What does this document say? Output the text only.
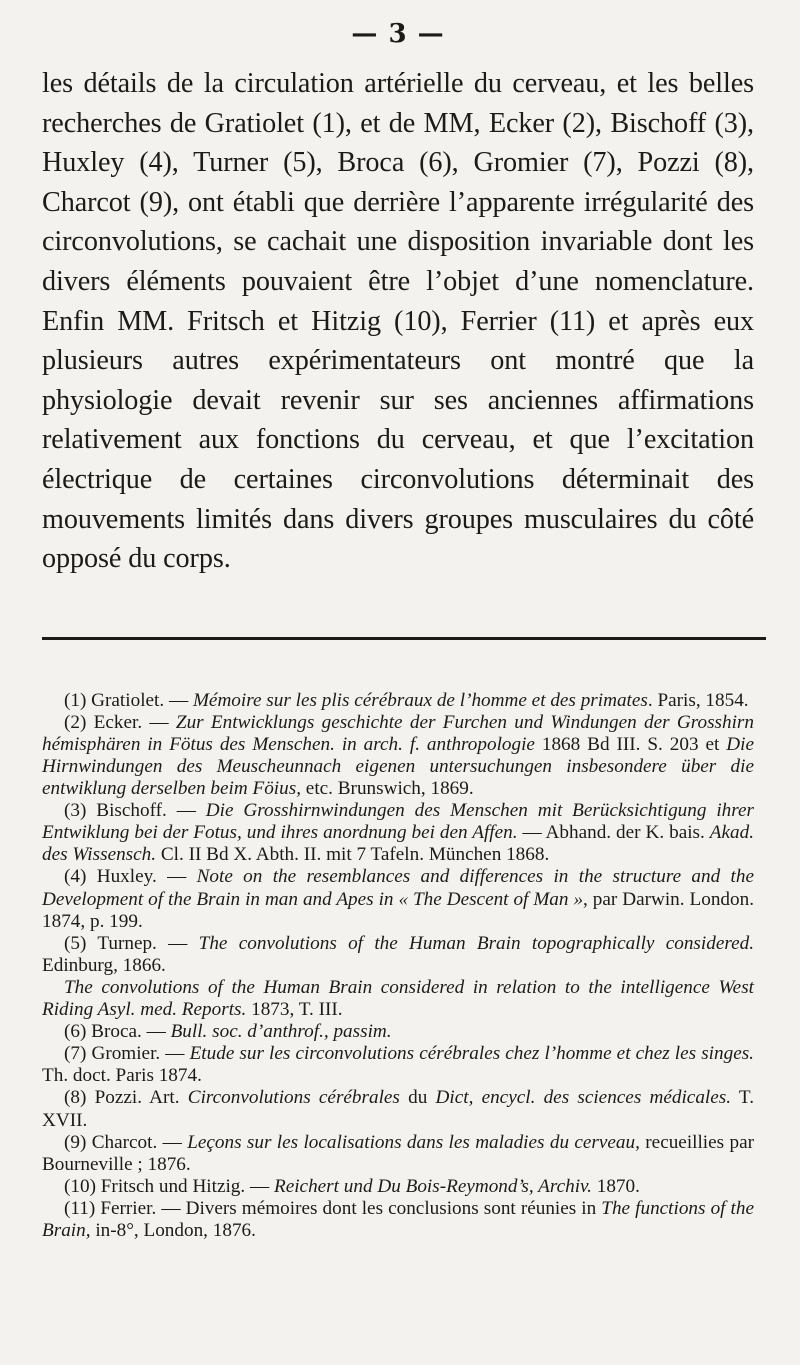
— 3 —

les détails de la circulation artérielle du cerveau, et les belles recherches de Gratiolet (1), et de MM, Ecker (2), Bischoff (3), Huxley (4), Turner (5), Broca (6), Gromier (7), Pozzi (8), Charcot (9), ont établi que derrière l’apparente irrégularité des circonvolutions, se cachait une disposition invariable dont les divers éléments pouvaient être l’objet d’une nomenclature. Enfin MM. Fritsch et Hitzig (10), Ferrier (11) et après eux plusieurs autres expérimentateurs ont montré que la physiologie devait revenir sur ses anciennes affirmations relativement aux fonctions du cerveau, et que l’excitation électrique de certaines circonvolutions déterminait des mouvements limités dans divers groupes musculaires du côté opposé du corps.

(1) Gratiolet. — Mémoire sur les plis cérébraux de l’homme et des primates. Paris, 1854.

(2) Ecker. — Zur Entwicklungs geschichte der Furchen und Windungen der Grosshirn hémisphären in Fötus des Menschen. in arch. f. anthropologie 1868 Bd III. S. 203 et Die Hirnwindungen des Meuscheunnach eigenen untersuchungen insbesondere über die entwiklung derselben beim Föius, etc. Brunswich, 1869.

(3) Bischoff. — Die Grosshirnwindungen des Menschen mit Berücksichtigung ihrer Entwiklung bei der Fotus, und ihres anordnung bei den Affen. — Abhand. der K. bais. Akad. des Wissensch. Cl. II Bd X. Abth. II. mit 7 Tafeln. München 1868.

(4) Huxley. — Note on the resemblances and differences in the structure and the Development of the Brain in man and Apes in « The Descent of Man », par Darwin. London. 1874, p. 199.

(5) Turnep. — The convolutions of the Human Brain topographically considered. Edinburg, 1866.

The convolutions of the Human Brain considered in relation to the intelligence West Riding Asyl. med. Reports. 1873, T. III.

(6) Broca. — Bull. soc. d’anthrof., passim.

(7) Gromier. — Etude sur les circonvolutions cérébrales chez l’homme et chez les singes. Th. doct. Paris 1874.

(8) Pozzi. Art. Circonvolutions cérébrales du Dict, encycl. des sciences médicales. T. XVII.

(9) Charcot. — Leçons sur les localisations dans les maladies du cerveau, recueillies par Bourneville ; 1876.

(10) Fritsch und Hitzig. — Reichert und Du Bois-Reymond’s, Archiv. 1870.

(11) Ferrier. — Divers mémoires dont les conclusions sont réunies in The functions of the Brain, in-8°, London, 1876.
